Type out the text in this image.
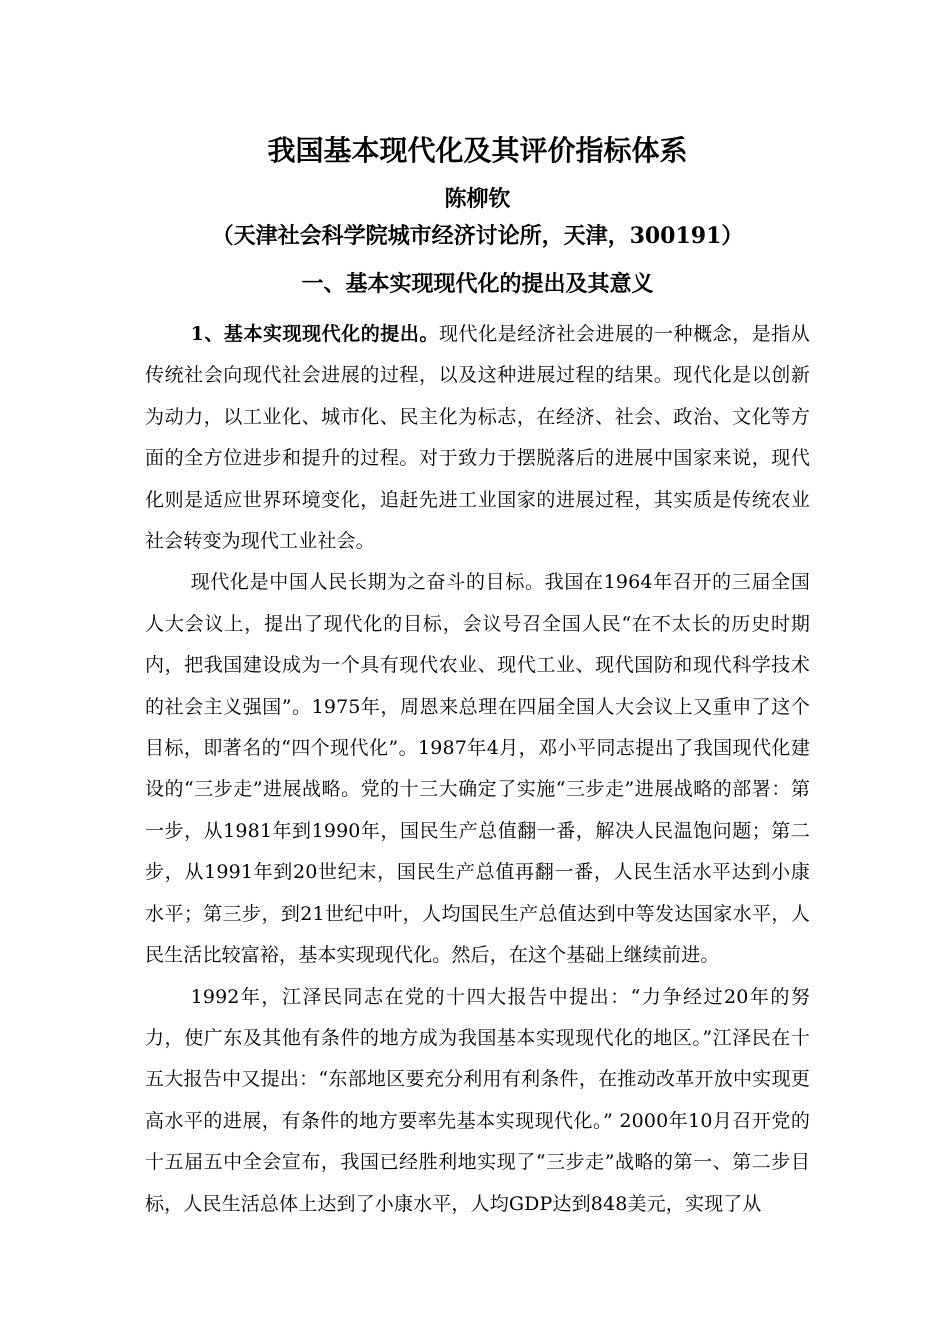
我国基本现代化及其评价指标体系

陈柳钦

（天津社会科学院城市经济讨论所，天津，300191）

一、基本实现现代化的提出及其意义

1、基本实现现代化的提出。现代化是经济社会进展的一种概念，是指从传统社会向现代社会进展的过程，以及这种进展过程的结果。现代化是以创新为动力，以工业化、城市化、民主化为标志，在经济、社会、政治、文化等方面的全方位进步和提升的过程。对于致力于摆脱落后的进展中国家来说，现代化则是适应世界环境变化，追赶先进工业国家的进展过程，其实质是传统农业社会转变为现代工业社会。

现代化是中国人民长期为之奋斗的目标。我国在1964年召开的三届全国人大会议上，提出了现代化的目标，会议号召全国人民“在不太长的历史时期内，把我国建设成为一个具有现代农业、现代工业、现代国防和现代科学技术的社会主义强国”。1975年，周恩来总理在四届全国人大会议上又重申了这个目标，即著名的“四个现代化”。1987年4月，邓小平同志提出了我国现代化建设的“三步走”进展战略。党的十三大确定了实施“三步走”进展战略的部署：第一步，从1981年到1990年，国民生产总值翻一番，解决人民温饱问题；第二步，从1991年到20世纪末，国民生产总值再翻一番，人民生活水平达到小康水平；第三步，到21世纪中叶，人均国民生产总值达到中等发达国家水平，人民生活比较富裕，基本实现现代化。然后，在这个基础上继续前进。

1992年，江泽民同志在党的十四大报告中提出：“力争经过20年的努力，使广东及其他有条件的地方成为我国基本实现现代化的地区。”江泽民在十五大报告中又提出：“东部地区要充分利用有利条件，在推动改革开放中实现更高水平的进展，有条件的地方要率先基本实现现代化。” 2000年10月召开党的十五届五中全会宣布，我国已经胜利地实现了“三步走”战略的第一、第二步目标，人民生活总体上达到了小康水平，人均GDP达到848美元，实现了从
